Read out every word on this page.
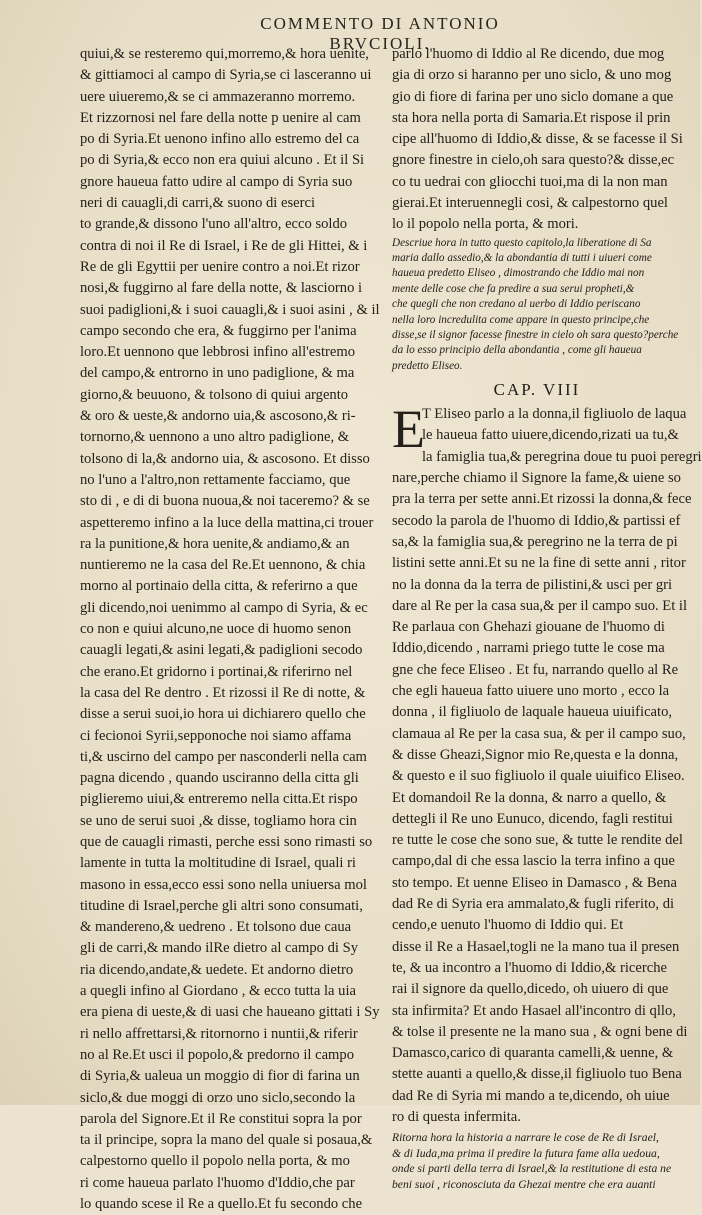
COMMENTO DI ANTONIO BRVCIOLI.
quiui,& se resteremo qui,morremo,& hora uenite,
& gittiamoci al campo di Syria,se ci lasceranno ui
uere uiueremo,& se ci ammazeranno morremo.
Et rizzornosi nel fare della notte p uenire al cam
po di Syria.Et uenono infino allo estremo del ca
po di Syria,& ecco non era quiui alcuno . Et il Si
gnore haueua fatto udire al campo di Syria suo
neri di cauagli,di carri,& suono di eserci
to grande,& dissono l'uno all'altro, ecco soldo
contra di noi il Re di Israel, i Re de gli Hittei, & i
Re de gli Egyttii per uenire contro a noi.Et rizor
nosi,& fuggirno al fare della notte, & lasciorno i
suoi padiglioni,& i suoi cauagli,& i suoi asini , & il
campo secondo che era, & fuggirno per l'anima
loro.Et uennono que lebbrosi infino all'estremo
del campo,& entrorno in uno padiglione, & ma
giorno,& beuuono, & tolsono di quiui argento
& oro & ueste,& andorno uia,& ascosono,& ri-
tornorno,& uennono a uno altro padiglione, &
tolsono di la,& andorno uia, & ascosono. Et disso
no l'uno a l'altro,non rettamente facciamo, que
sto di , e di di buona nuoua,& noi taceremo? & se
aspetteremo infino a la luce della mattina,ci trouer
ra la punitione,& hora uenite,& andiamo,& an
nuntieremo ne la casa del Re.Et uennono, & chia
morno al portinaio della citta, & referirno a que
gli dicendo,noi uenimmo al campo di Syria, & ec
co non e quiui alcuno,ne uoce di huomo senon
cauagli legati,& asini legati,& padiglioni secodo
che erano.Et gridorno i portinai,& riferirno nel
la casa del Re dentro . Et rizossi il Re di notte, &
disse a serui suoi,io hora ui dichiarero quello che
ci fecionoi Syrii,sepponoche noi siamo affama
ti,& uscirno del campo per nasconderli nella cam
pagna dicendo , quando usciranno della citta gli
piglieremo uiui,& entreremo nella citta.Et rispo
se uno de serui suoi ,& disse, togliamo hora cin
que de cauagli rimasti, perche essi sono rimasti so
lamente in tutta la moltitudine di Israel, quali ri
masono in essa,ecco essi sono nella uniuersa mol
titudine di Israel,perche gli altri sono consumati,
& mandereno,& uedreno . Et tolsono due caua
gli de carri,& mando ilRe dietro al campo di Sy
ria dicendo,andate,& uedete. Et andorno dietro
a quegli infino al Giordano , & ecco tutta la uia
era piena di ueste,& di uasi che haueano gittati i Sy
ri nello affrettarsi,& ritornorno i nuntii,& riferir
no al Re.Et usci il popolo,& predorno il campo
di Syria,& ualeua un moggio di fior di farina un
siclo,& due moggi di orzo uno siclo,secondo la
parola del Signore.Et il Re constitui sopra la por
ta il principe, sopra la mano del quale si posaua,&
calpestorno quello il popolo nella porta, & mo
ri come haueua parlato l'huomo d'Iddio,che par
lo quando scese il Re a quello.Et fu secondo che
parlo l'huomo di Iddio al Re dicendo, due mog
gia di orzo si haranno per uno siclo, & uno mog
gio di fiore di farina per uno siclo domane a que
sta hora nella porta di Samaria.Et rispose il prin
cipe all'huomo di Iddio,& disse, & se facesse il Si
gnore finestre in cielo,oh sara questo?& disse,ec
co tu uedrai con gliocchi tuoi,ma di la non man
gierai.Et interuennegli cosi, & calpestorno quel
lo il popolo nella porta, & mori.
Descriue hora in tutto questo capitolo,la liberatione di Sa
maria dallo assedio,& la abondantia di tutti i uiueri come
haueua predetto Eliseo , dimostrando che Iddio mai non
mente delle cose che fa predire a sua serui propheti,&
che quegli che non credano al uerbo di Iddio periscano
nella loro incredulita come appare in questo principe,che
disse,se il signor facesse finestre in cielo oh sara questo?perche
da lo esso principio della abondantia , come gli haueua
predetto Eliseo.
CAP. VIII
E
T Eliseo parlo a la donna,il figliuolo de laqua
le haueua fatto uiuere,dicendo,rizati ua tu,&
la famiglia tua,& peregrina doue tu puoi peregri
nare,perche chiamo il Signore la fame,& uiene so
pra la terra per sette anni.Et rizossi la donna,& fece
secodo la parola de l'huomo di Iddio,& partissi ef
sa,& la famiglia sua,& peregrino ne la terra de pi
listini sette anni.Et su ne la fine di sette anni , ritor
no la donna da la terra de pilistini,& usci per gri
dare al Re per la casa sua,& per il campo suo. Et il
Re parlaua con Ghehazi giouane de l'huomo di
Iddio,dicendo , narrami priego tutte le cose ma
gne che fece Eliseo . Et fu, narrando quello al Re
che egli haueua fatto uiuere uno morto , ecco la
donna , il figliuolo de laquale haueua uiuificato,
clamaua al Re per la casa sua, & per il campo suo,
& disse Gheazi,Signor mio Re,questa e la donna,
& questo e il suo figliuolo il quale uiuifico Eliseo.
Et domandoil Re la donna, & narro a quello, &
dettegli il Re uno Eunuco, dicendo, fagli restitui
re tutte le cose che sono sue, & tutte le rendite del
campo,dal di che essa lascio la terra infino a que
sto tempo. Et uenne Eliseo in Damasco , & Bena
dad Re di Syria era ammalato,& fugli riferito, di
cendo,e uenuto l'huomo di Iddio qui. Et
disse il Re a Hasael,togli ne la mano tua il presen
te, & ua incontro a l'huomo di Iddio,& ricerche
rai il signore da quello,dicedo, oh uiuero di que
sta infirmita? Et ando Hasael all'incontro di qllo,
& tolse il presente ne la mano sua , & ogni bene di
Damasco,carico di quaranta camelli,& uenne, &
stette auanti a quello,& disse,il figliuolo tuo Bena
dad Re di Syria mi mando a te,dicendo, oh uiue
ro di questa infermita.
Ritorna hora la historia a narrare le cose de Re di Israel,
& di Iuda,ma prima il predire la futura fame alla uedoua,
onde si parti della terra di Israel,& la restitutione di esta ne
beni suoi , riconosciuta da Ghezai mentre che era auanti
